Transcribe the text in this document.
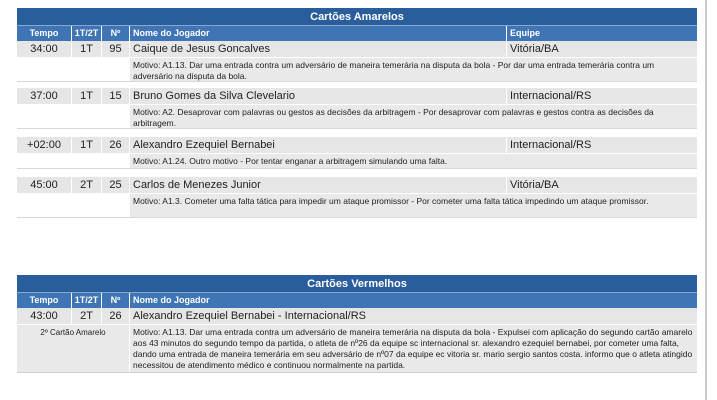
Cartões Amarelos
Tempo	1T/2T	Nº	Nome do Jogador	Equipe
34:00	1T	95	Caique de Jesus Goncalves	Vitória/BA
Motivo: A1.13. Dar uma entrada contra um adversário de maneira temerária na disputa da bola - Por dar uma entrada temerária contra um adversário na disputa da bola.
37:00	1T	15	Bruno Gomes da Silva Clevelario	Internacional/RS
Motivo: A2. Desaprovar com palavras ou gestos as decisões da arbitragem - Por desaprovar com palavras e gestos contra as decisões da arbitragem.
+02:00	1T	26	Alexandro Ezequiel Bernabei	Internacional/RS
Motivo: A1.24. Outro motivo - Por tentar enganar a arbitragem simulando uma falta.
45:00	2T	25	Carlos de Menezes Junior	Vitória/BA
Motivo: A1.3. Cometer uma falta tática para impedir um ataque promissor - Por cometer uma falta tática impedindo um ataque promissor.
Cartões Vermelhos
Tempo	1T/2T	Nº	Nome do Jogador
43:00	2T	26	Alexandro Ezequiel Bernabei - Internacional/RS
2º Cartão Amarelo	Motivo: A1.13. Dar uma entrada contra um adversário de maneira temerária na disputa da bola - Expulsei com aplicação do segundo cartão amarelo aos 43 minutos do segundo tempo da partida, o atleta de nº26 da equipe sc internacional sr. alexandro ezequiel bernabei, por cometer uma falta, dando uma entrada de maneira temerária em seu adversário de nº07 da equipe ec vitoria sr. mario sergio santos costa. informo que o atleta atingido necessitou de atendimento médico e continuou normalmente na partida.
